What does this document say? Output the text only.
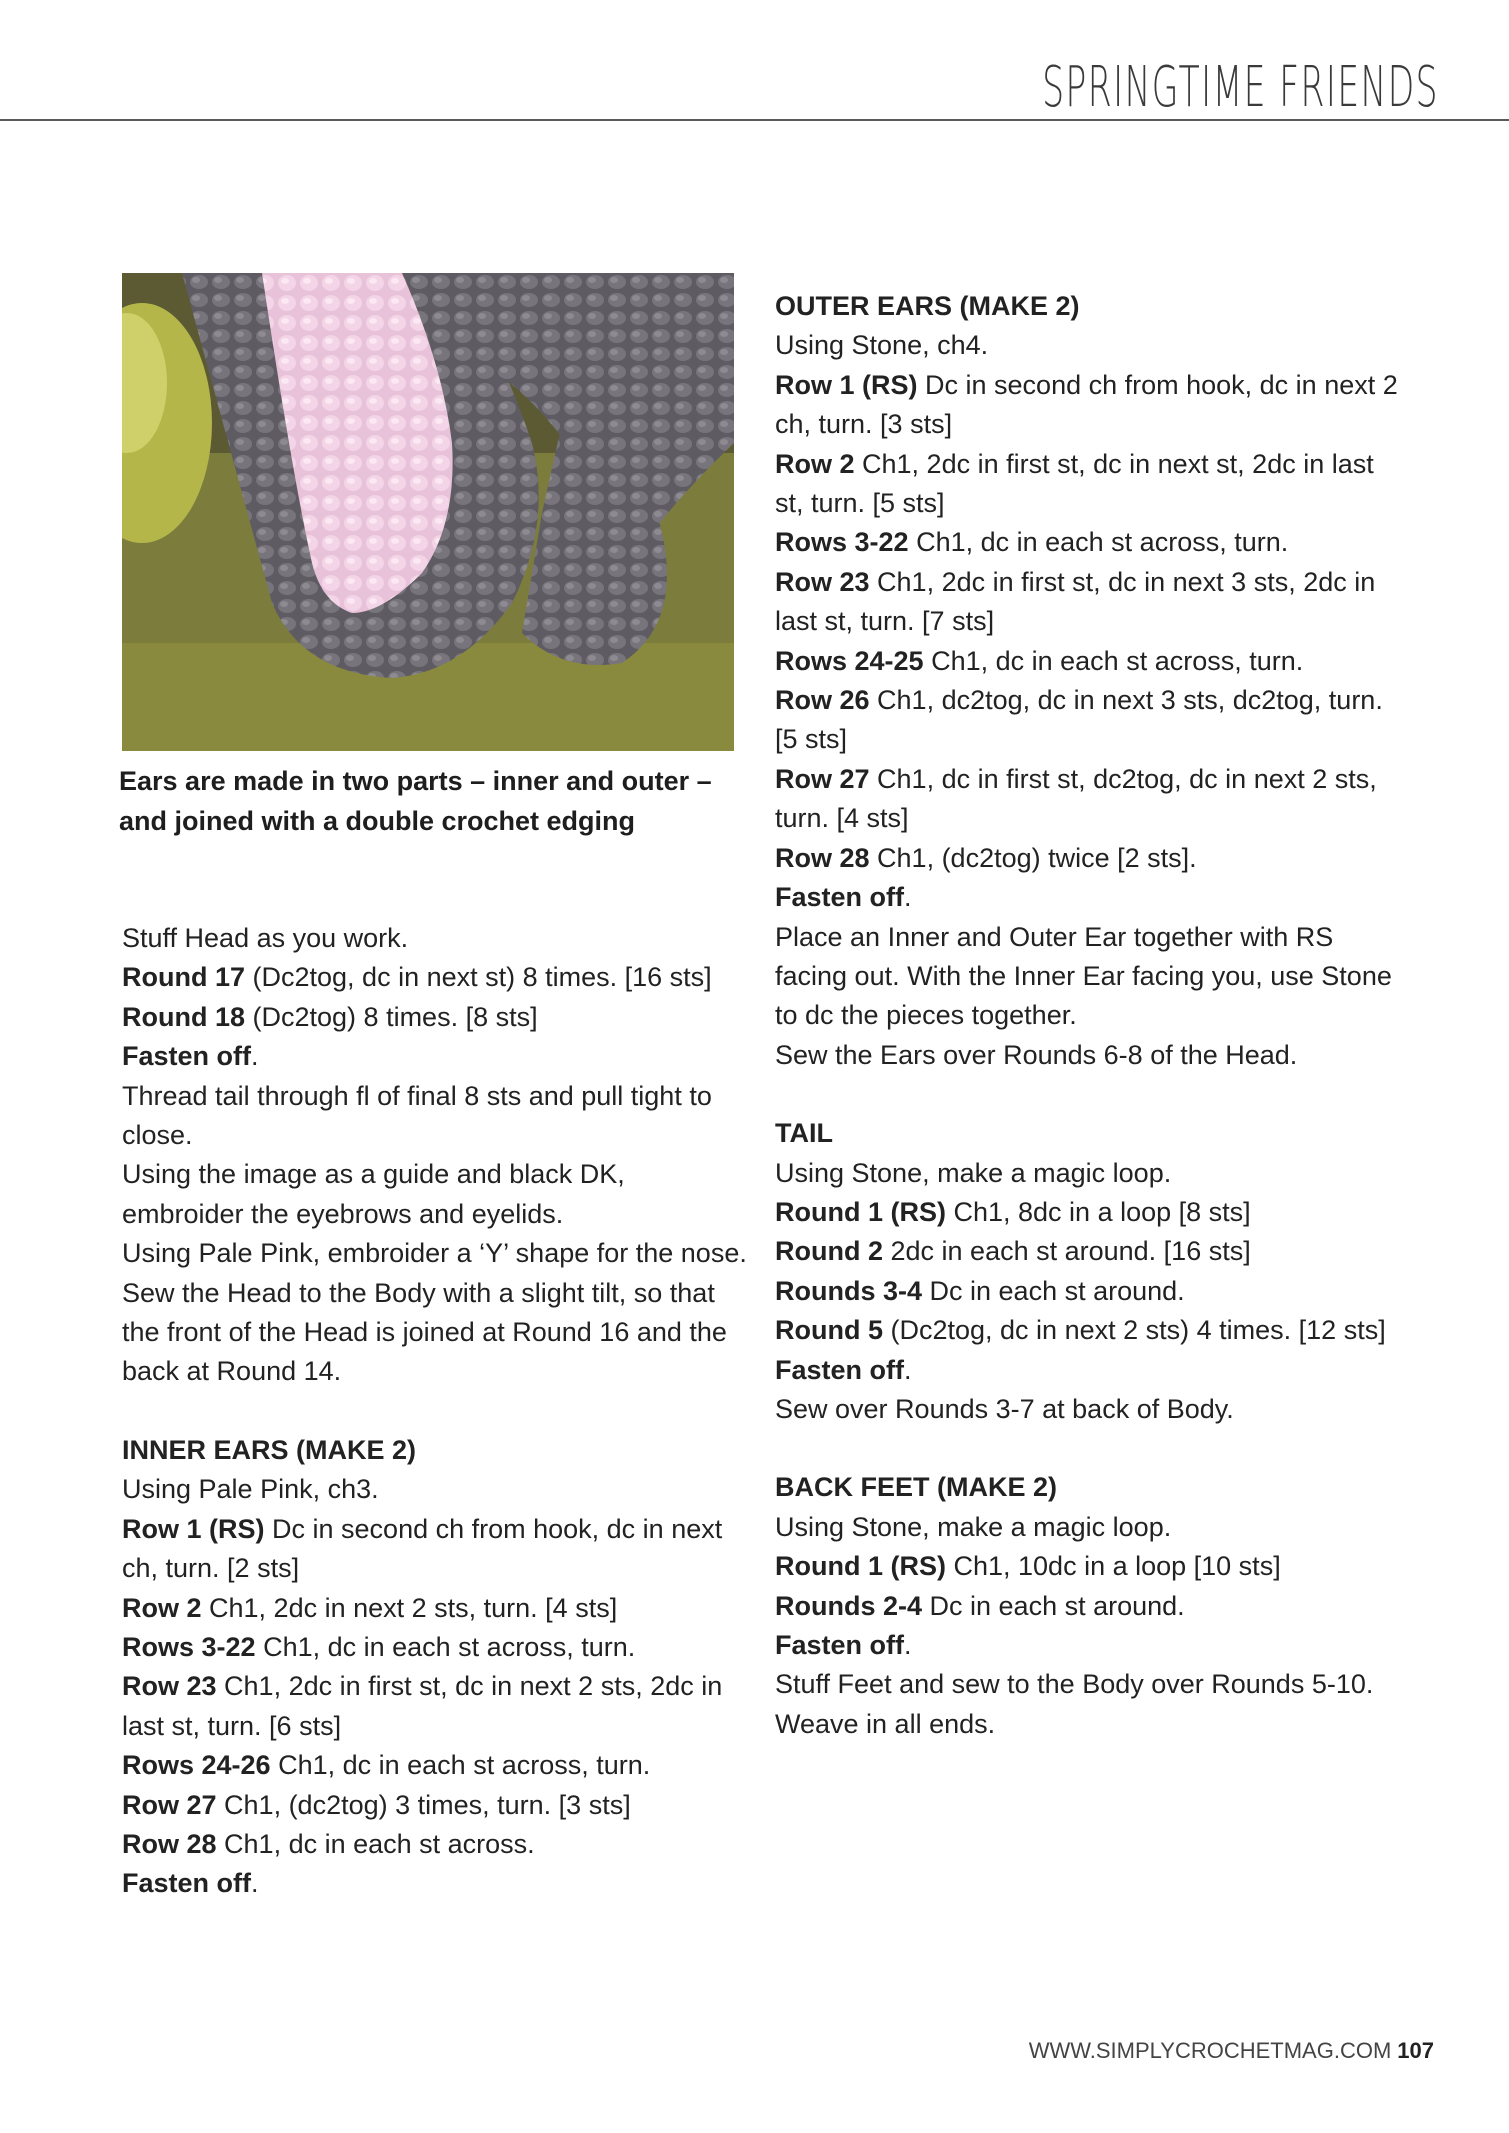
SPRINGTIME FRIENDS
Ears are made in two parts – inner and outer – and joined with a double crochet edging

Stuff Head as you work.

Round 17 (Dc2tog, dc in next st) 8 times. [16 sts]

Round 18 (Dc2tog) 8 times. [8 sts]

Fasten off.

Thread tail through fl of final 8 sts and pull tight to close.

Using the image as a guide and black DK, embroider the eyebrows and eyelids.

Using Pale Pink, embroider a ‘Y’ shape for the nose.

Sew the Head to the Body with a slight tilt, so that the front of the Head is joined at Round 16 and the back at Round 14.

INNER EARS (MAKE 2)

Using Pale Pink, ch3.

Row 1 (RS) Dc in second ch from hook, dc in next ch, turn. [2 sts]

Row 2 Ch1, 2dc in next 2 sts, turn. [4 sts]

Rows 3-22 Ch1, dc in each st across, turn.

Row 23 Ch1, 2dc in first st, dc in next 2 sts, 2dc in last st, turn. [6 sts]

Rows 24-26 Ch1, dc in each st across, turn.

Row 27 Ch1, (dc2tog) 3 times, turn. [3 sts]

Row 28 Ch1, dc in each st across.

Fasten off.

OUTER EARS (MAKE 2)

Using Stone, ch4.

Row 1 (RS) Dc in second ch from hook, dc in next 2 ch, turn. [3 sts]

Row 2 Ch1, 2dc in first st, dc in next st, 2dc in last st, turn. [5 sts]

Rows 3-22 Ch1, dc in each st across, turn.

Row 23 Ch1, 2dc in first st, dc in next 3 sts, 2dc in last st, turn. [7 sts]

Rows 24-25 Ch1, dc in each st across, turn.

Row 26 Ch1, dc2tog, dc in next 3 sts, dc2tog, turn. [5 sts]

Row 27 Ch1, dc in first st, dc2tog, dc in next 2 sts, turn. [4 sts]

Row 28 Ch1, (dc2tog) twice [2 sts].

Fasten off.

Place an Inner and Outer Ear together with RS facing out. With the Inner Ear facing you, use Stone to dc the pieces together.

Sew the Ears over Rounds 6-8 of the Head.

TAIL

Using Stone, make a magic loop.

Round 1 (RS) Ch1, 8dc in a loop [8 sts]

Round 2 2dc in each st around. [16 sts]

Rounds 3-4 Dc in each st around.

Round 5 (Dc2tog, dc in next 2 sts) 4 times. [12 sts]

Fasten off.

Sew over Rounds 3-7 at back of Body.

BACK FEET (MAKE 2)

Using Stone, make a magic loop.

Round 1 (RS) Ch1, 10dc in a loop [10 sts]

Rounds 2-4 Dc in each st around.

Fasten off.

Stuff Feet and sew to the Body over Rounds 5-10.

Weave in all ends.

WWW.SIMPLYCROCHETMAG.COM 107
